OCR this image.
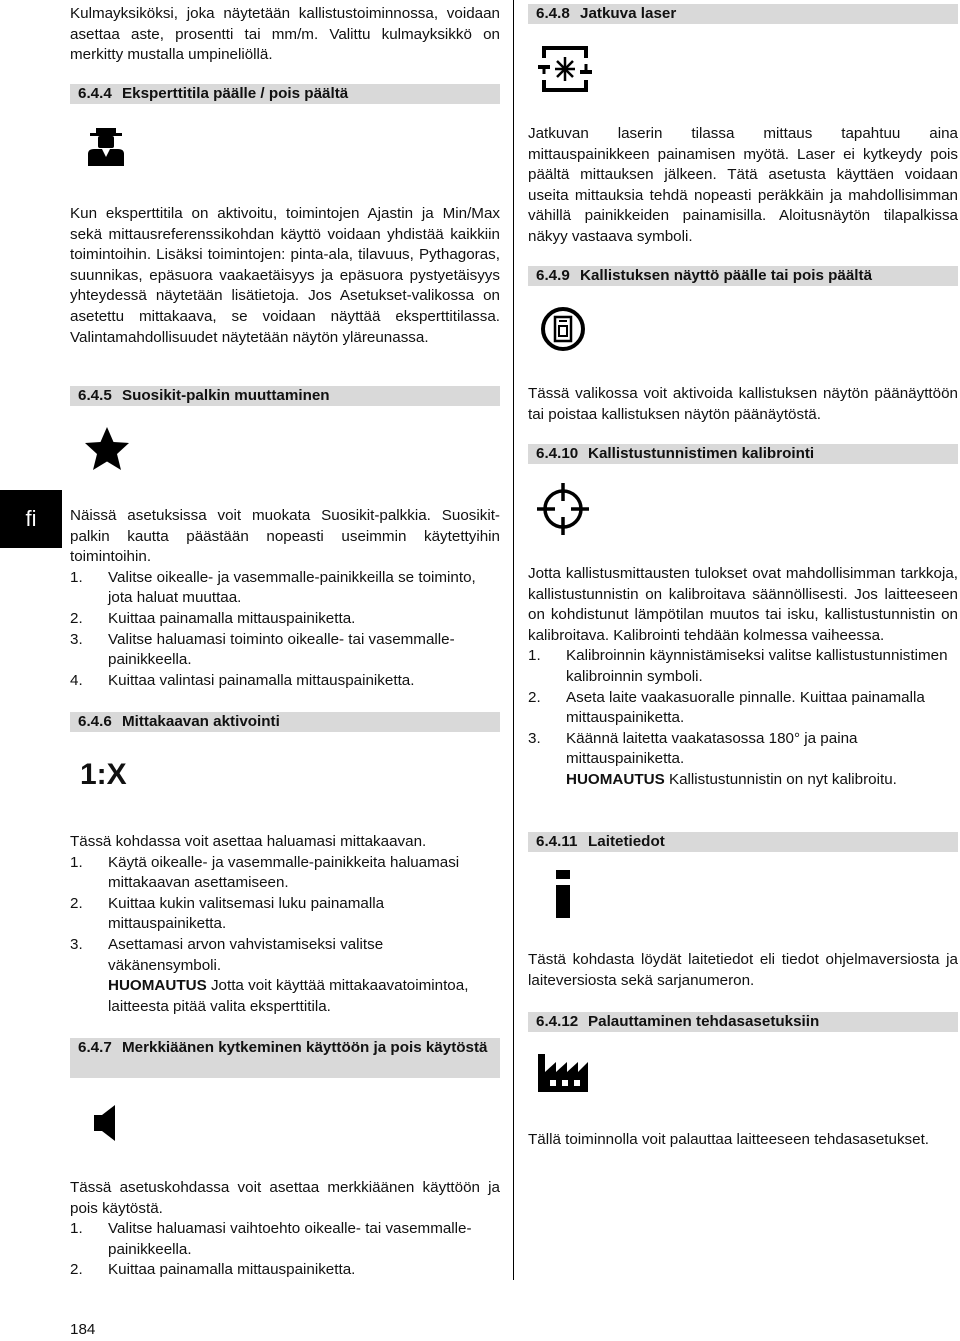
fi
Kulmayksiköksi, joka näytetään kallistustoiminnossa, voidaan asettaa aste, prosentti tai mm/m. Valittu kulmayksikkö on merkitty mustalla umpineliöllä.
6.4.4 Eksperttitila päälle / pois päältä
Kun eksperttitila on aktivoitu, toimintojen Ajastin ja Min/Max sekä mittausreferenssikohdan käyttö voidaan yhdistää kaikkiin toimintoihin. Lisäksi toimintojen: pinta-ala, tilavuus, Pythagoras, suunnikas, epäsuora vaakaetäisyys ja epäsuora pystyetäisyys yhteydessä näytetään lisätietoja. Jos Asetukset-valikossa on asetettu mittakaava, se voidaan näyttää eksperttitilassa. Valintamahdollisuudet näytetään näytön yläreunassa.
6.4.5 Suosikit-palkin muuttaminen

Näissä asetuksissa voit muokata Suosikit-palkkia. Suosikit-palkin kautta päästään nopeasti useimmin käytettyihin toimintoihin.

1. Valitse oikealle- ja vasemmalle-painikkeilla se toiminto, jota haluat muuttaa.
2. Kuittaa painamalla mittauspainiketta.
3. Valitse haluamasi toiminto oikealle- tai vasemmalle-painikkeella.
4. Kuittaa valintasi painamalla mittauspainiketta.
6.4.6 Mittakaavan aktivointi
1:X

Tässä kohdassa voit asettaa haluamasi mittakaavan.

1. Käytä oikealle- ja vasemmalle-painikkeita haluamasi mittakaavan asettamiseen.
2. Kuittaa kukin valitsemasi luku painamalla mittauspainiketta.
3. Asettamasi arvon vahvistamiseksi valitse väkänensymboli.

HUOMAUTUS Jotta voit käyttää mittakaavatoimintoa, laitteesta pitää valita eksperttitila.

6.4.7 Merkkiäänen kytkeminen käyttöön ja pois käytöstä

Tässä asetuskohdassa voit asettaa merkkiäänen käyttöön ja pois käytöstä.

1. Valitse haluamasi vaihtoehto oikealle- tai vasemmalle-painikkeella.
2. Kuittaa painamalla mittauspainiketta.
6.4.8 Jatkuva laser
Jatkuvan laserin tilassa mittaus tapahtuu aina mittauspainikkeen painamisen myötä. Laser ei kytkeydy pois päältä mittauksen jälkeen. Tätä asetusta käyttäen voidaan useita mittauksia tehdä nopeasti peräkkäin ja mahdollisimman vähillä painikkeiden painamisilla. Aloitusnäytön tilapalkissa näkyy vastaava symboli.
6.4.9 Kallistuksen näyttö päälle tai pois päältä
Tässä valikossa voit aktivoida kallistuksen näytön päänäyttöön tai poistaa kallistuksen näytön päänäytöstä.
6.4.10 Kallistustunnistimen kalibrointi

Jotta kallistusmittausten tulokset ovat mahdollisimman tarkkoja, kallistustunnistin on kalibroitava säännöllisesti. Jos laitteeseen on kohdistunut lämpötilan muutos tai isku, kallistustunnistin on kalibroitava. Kalibrointi tehdään kolmessa vaiheessa.

1. Kalibroinnin käynnistämiseksi valitse kallistustunnistimen kalibroinnin symboli.
2. Aseta laite vaakasuoralle pinnalle. Kuittaa painamalla mittauspainiketta.
3. Käännä laitetta vaakatasossa 180° ja paina mittauspainiketta.

HUOMAUTUS Kallistustunnistin on nyt kalibroitu.

6.4.11 Laitetiedot
Tästä kohdasta löydät laitetiedot eli tiedot ohjelmaversiosta ja laiteversiosta sekä sarjanumeron.
6.4.12 Palauttaminen tehdasasetuksiin
Tällä toiminnolla voit palauttaa laitteeseen tehdasasetukset.
184
